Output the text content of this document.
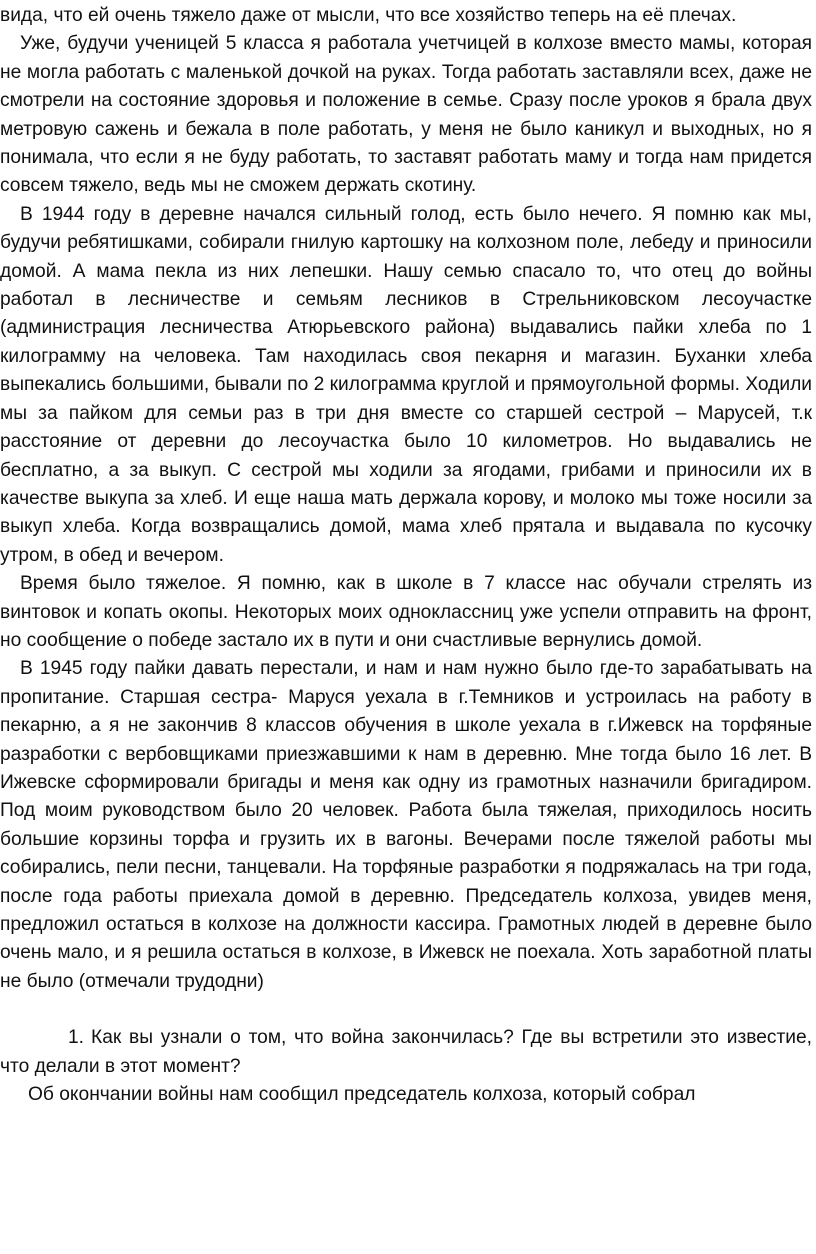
вида, что ей очень тяжело даже от мысли, что все хозяйство теперь на её плечах.

Уже, будучи ученицей 5 класса я работала учетчицей в колхозе вместо мамы, которая не могла работать с маленькой дочкой на руках. Тогда работать заставляли всех, даже не смотрели на состояние здоровья и положение в семье. Сразу после уроков я брала двух метровую сажень и бежала в поле работать, у меня не было каникул и выходных, но я понимала, что если я не буду работать, то заставят работать маму и тогда нам придется совсем тяжело, ведь мы не сможем держать скотину.

В 1944 году в деревне начался сильный голод, есть было нечего. Я помню как мы, будучи ребятишками, собирали гнилую картошку на колхозном поле, лебеду и приносили домой. А мама пекла из них лепешки. Нашу семью спасало то, что отец до войны работал в лесничестве и семьям лесников в Стрельниковском лесоучастке (администрация лесничества Атюрьевского района) выдавались пайки хлеба по 1 килограмму на человека. Там находилась своя пекарня и магазин. Буханки хлеба выпекались большими, бывали по 2 килограмма круглой и прямоугольной формы. Ходили мы за пайком для семьи раз в три дня вместе со старшей сестрой – Марусей, т.к расстояние от деревни до лесоучастка было 10 километров. Но выдавались не бесплатно, а за выкуп. С сестрой мы ходили за ягодами, грибами и приносили их в качестве выкупа за хлеб. И еще наша мать держала корову, и молоко мы тоже носили за выкуп хлеба. Когда возвращались домой, мама хлеб прятала и выдавала по кусочку утром, в обед и вечером.

Время было тяжелое. Я помню, как в школе в 7 классе нас обучали стрелять из винтовок и копать окопы. Некоторых моих одноклассниц уже успели отправить на фронт, но сообщение о победе застало их в пути и они счастливые вернулись домой.

В 1945 году пайки давать перестали, и нам и нам нужно было где-то зарабатывать на пропитание. Старшая сестра- Маруся уехала в г.Темников и устроилась на работу в пекарню, а я не закончив 8 классов обучения в школе уехала в г.Ижевск на торфяные разработки с вербовщиками приезжавшими к нам в деревню. Мне тогда было 16 лет. В Ижевске сформировали бригады и меня как одну из грамотных назначили бригадиром. Под моим руководством было 20 человек. Работа была тяжелая, приходилось носить большие корзины торфа и грузить их в вагоны. Вечерами после тяжелой работы мы собирались, пели песни, танцевали. На торфяные разработки я подряжалась на три года, после года работы приехала домой в деревню. Председатель колхоза, увидев меня, предложил остаться в колхозе на должности кассира. Грамотных людей в деревне было очень мало, и я решила остаться в колхозе, в Ижевск не поехала. Хоть заработной платы не было (отмечали трудодни)

1. Как вы узнали о том, что война закончилась? Где вы встретили это известие, что делали в этот момент?

Об окончании войны нам сообщил председатель колхоза, который собрал
